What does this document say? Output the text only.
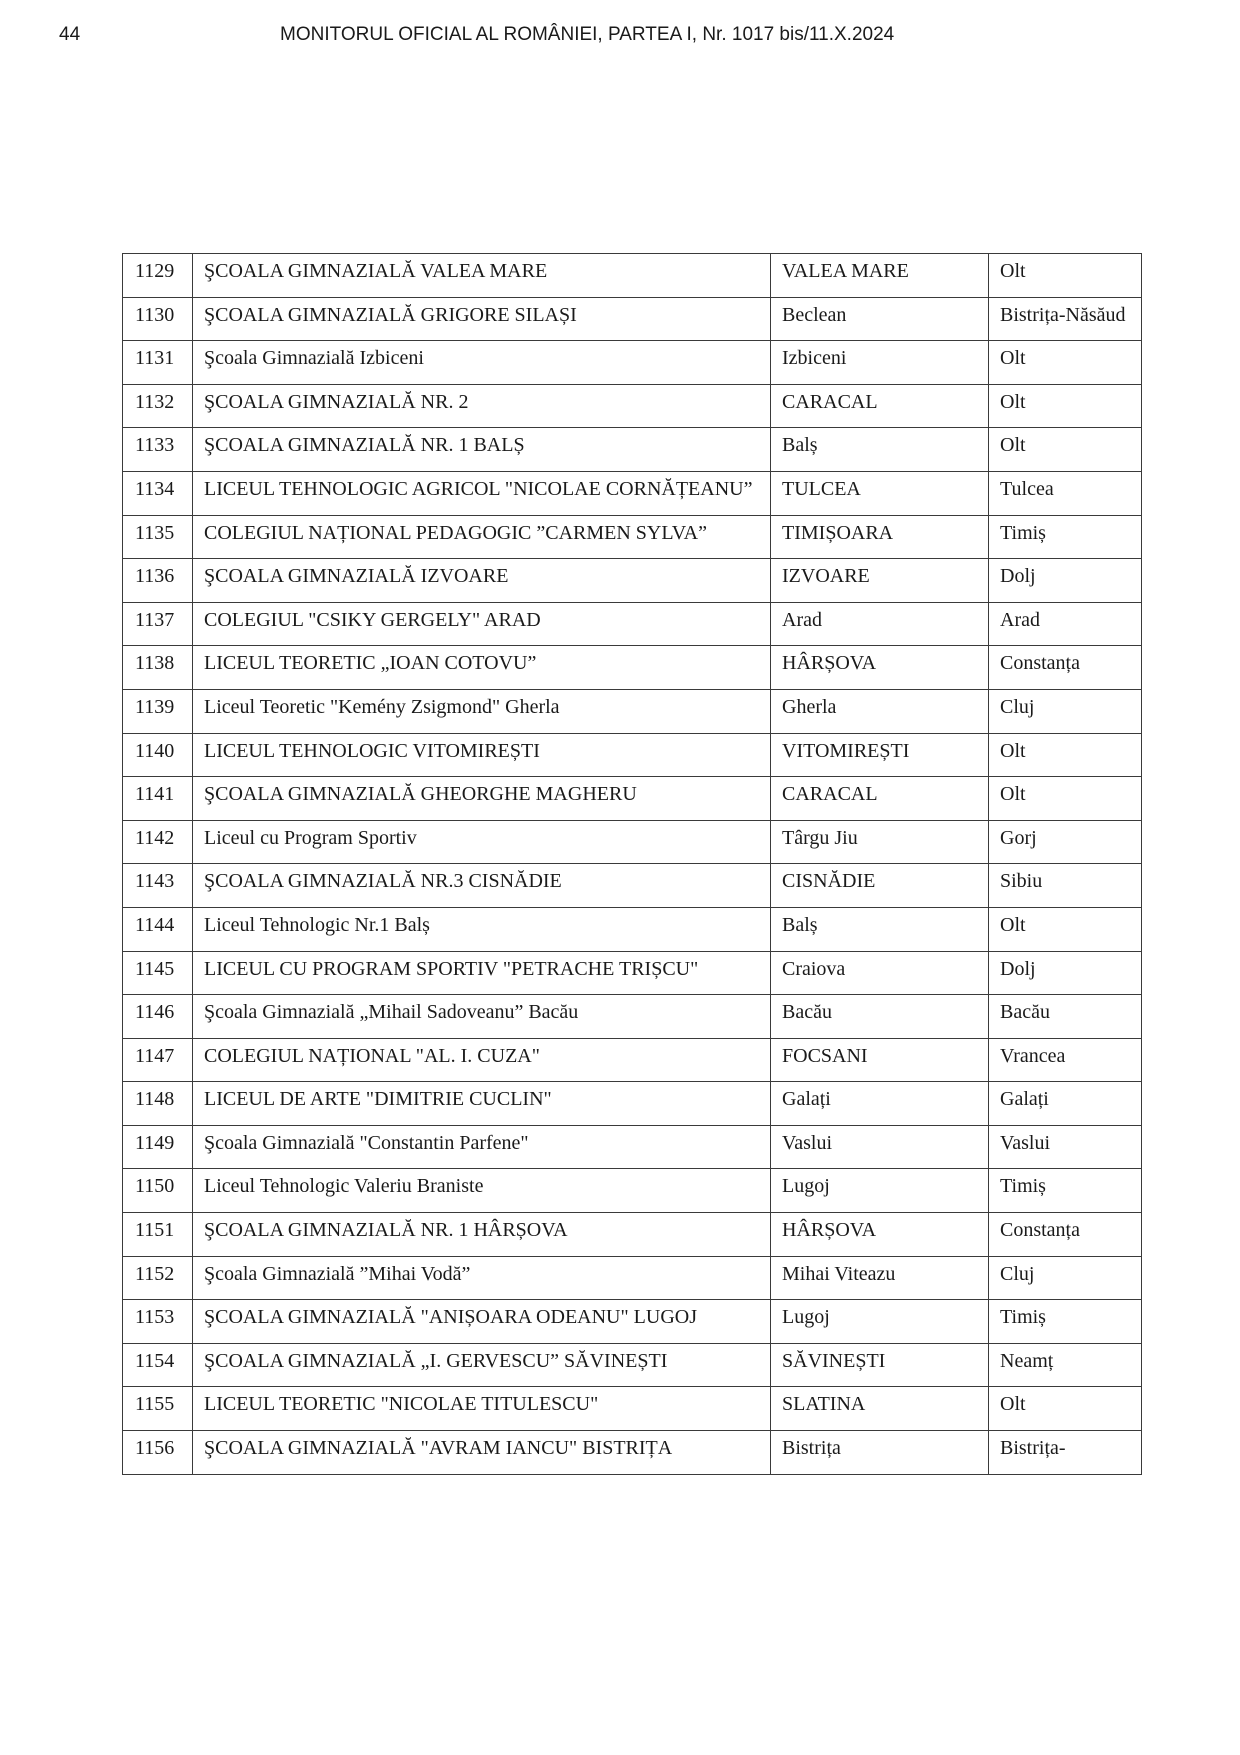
44	MONITORUL OFICIAL AL ROMÂNIEI, PARTEA I, Nr. 1017 bis/11.X.2024
1129	ŞCOALA GIMNAZIALĂ VALEA MARE	VALEA MARE	Olt

1130	ŞCOALA GIMNAZIALĂ GRIGORE SILAȘI	Beclean	Bistrița-Năsăud

1131	Şcoala Gimnazială Izbiceni	Izbiceni	Olt

1132	ŞCOALA GIMNAZIALĂ NR. 2	CARACAL	Olt

1133	ŞCOALA GIMNAZIALĂ NR. 1 BALȘ	Balș	Olt

1134	LICEUL TEHNOLOGIC AGRICOL "NICOLAE CORNĂȚEANU”	TULCEA	Tulcea

1135	COLEGIUL NAȚIONAL PEDAGOGIC ”CARMEN SYLVA”	TIMIȘOARA	Timiș

1136	ŞCOALA GIMNAZIALĂ IZVOARE	IZVOARE	Dolj

1137	COLEGIUL "CSIKY GERGELY" ARAD	Arad	Arad

1138	LICEUL TEORETIC „IOAN COTOVU”	HÂRȘOVA	Constanța

1139	Liceul Teoretic "Kemény Zsigmond" Gherla	Gherla	Cluj

1140	LICEUL TEHNOLOGIC VITOMIREȘTI	VITOMIREȘTI	Olt

1141	ŞCOALA GIMNAZIALĂ GHEORGHE MAGHERU	CARACAL	Olt

1142	Liceul cu Program Sportiv	Târgu Jiu	Gorj

1143	ŞCOALA GIMNAZIALĂ NR.3 CISNĂDIE	CISNĂDIE	Sibiu

1144	Liceul Tehnologic Nr.1 Balș	Balș	Olt

1145	LICEUL CU PROGRAM SPORTIV "PETRACHE TRIȘCU"	Craiova	Dolj

1146	Şcoala Gimnazială „Mihail Sadoveanu” Bacău	Bacău	Bacău

1147	COLEGIUL NAȚIONAL "AL. I. CUZA"	FOCSANI	Vrancea

1148	LICEUL DE ARTE "DIMITRIE CUCLIN"	Galați	Galați

1149	Şcoala Gimnazială "Constantin Parfene"	Vaslui	Vaslui

1150	Liceul Tehnologic Valeriu Braniste	Lugoj	Timiș

1151	ŞCOALA GIMNAZIALĂ NR. 1 HÂRȘOVA	HÂRȘOVA	Constanța

1152	Şcoala Gimnazială ”Mihai Vodă”	Mihai Viteazu	Cluj

1153	ŞCOALA GIMNAZIALĂ "ANIȘOARA ODEANU" LUGOJ	Lugoj	Timiș

1154	ŞCOALA GIMNAZIALĂ „I. GERVESCU” SĂVINEȘTI	SĂVINEȘTI	Neamț

1155	LICEUL TEORETIC "NICOLAE TITULESCU"	SLATINA	Olt

1156	ŞCOALA GIMNAZIALĂ "AVRAM IANCU" BISTRIȚA	Bistrița	Bistrița-
